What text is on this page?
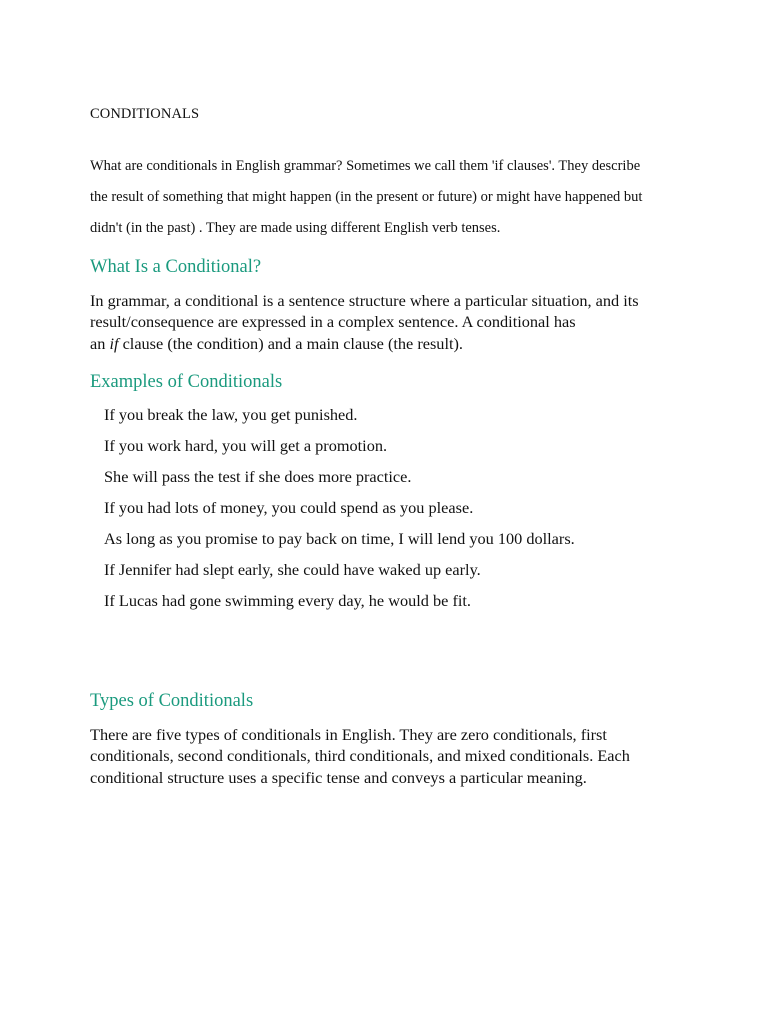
CONDITIONALS

What are conditionals in English grammar? Sometimes we call them 'if clauses'. They describe
the result of something that might happen (in the present or future) or might have happened but
didn't (in the past) . They are made using different English verb tenses.

What Is a Conditional?

In grammar, a conditional is a sentence structure where a particular situation, and its
result/consequence are expressed in a complex sentence. A conditional has
an if clause (the condition) and a main clause (the result).

Examples of Conditionals
If you break the law, you get punished.
If you work hard, you will get a promotion.
She will pass the test if she does more practice.
If you had lots of money, you could spend as you please.
As long as you promise to pay back on time, I will lend you 100 dollars.
If Jennifer had slept early, she could have waked up early.
If Lucas had gone swimming every day, he would be fit.
Types of Conditionals

There are five types of conditionals in English. They are zero conditionals, first
conditionals, second conditionals, third conditionals, and mixed conditionals. Each
conditional structure uses a specific tense and conveys a particular meaning.
